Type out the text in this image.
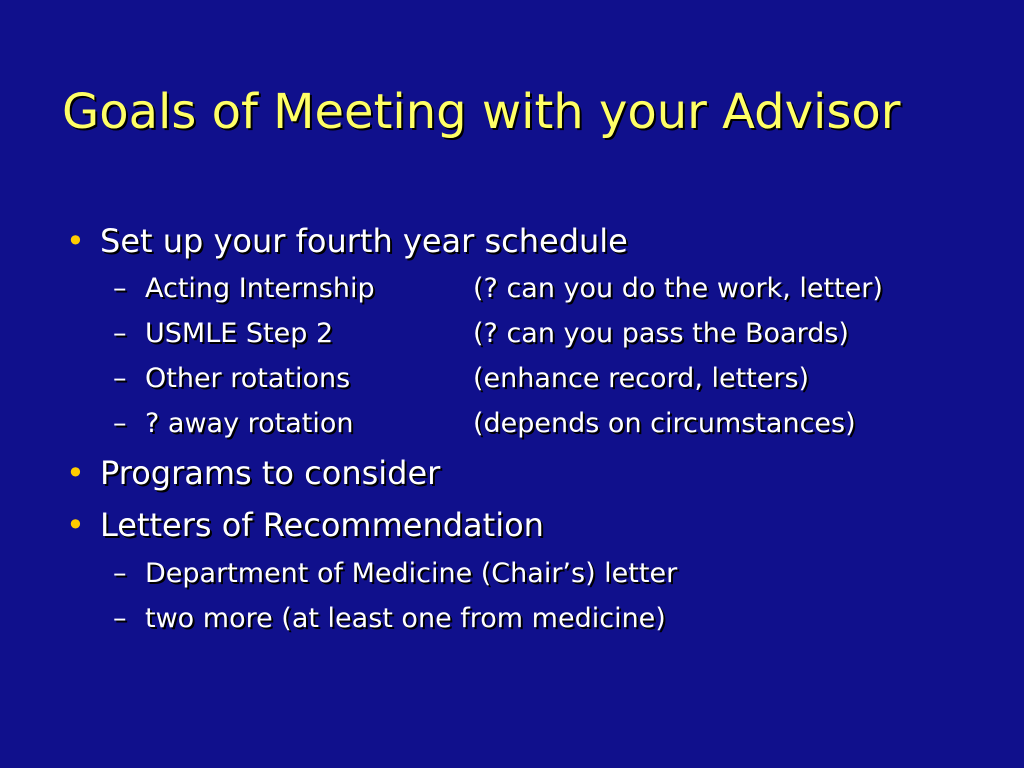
Goals of Meeting with your Advisor
• Set up your fourth year schedule
– Acting Internship	(? can you do the work, letter)
– USMLE Step 2	(? can you pass the Boards)
– Other rotations	(enhance record, letters)
– ? away rotation	(depends on circumstances)
• Programs to consider
• Letters of Recommendation
– Department of Medicine (Chair’s) letter
– two more (at least one from medicine)
